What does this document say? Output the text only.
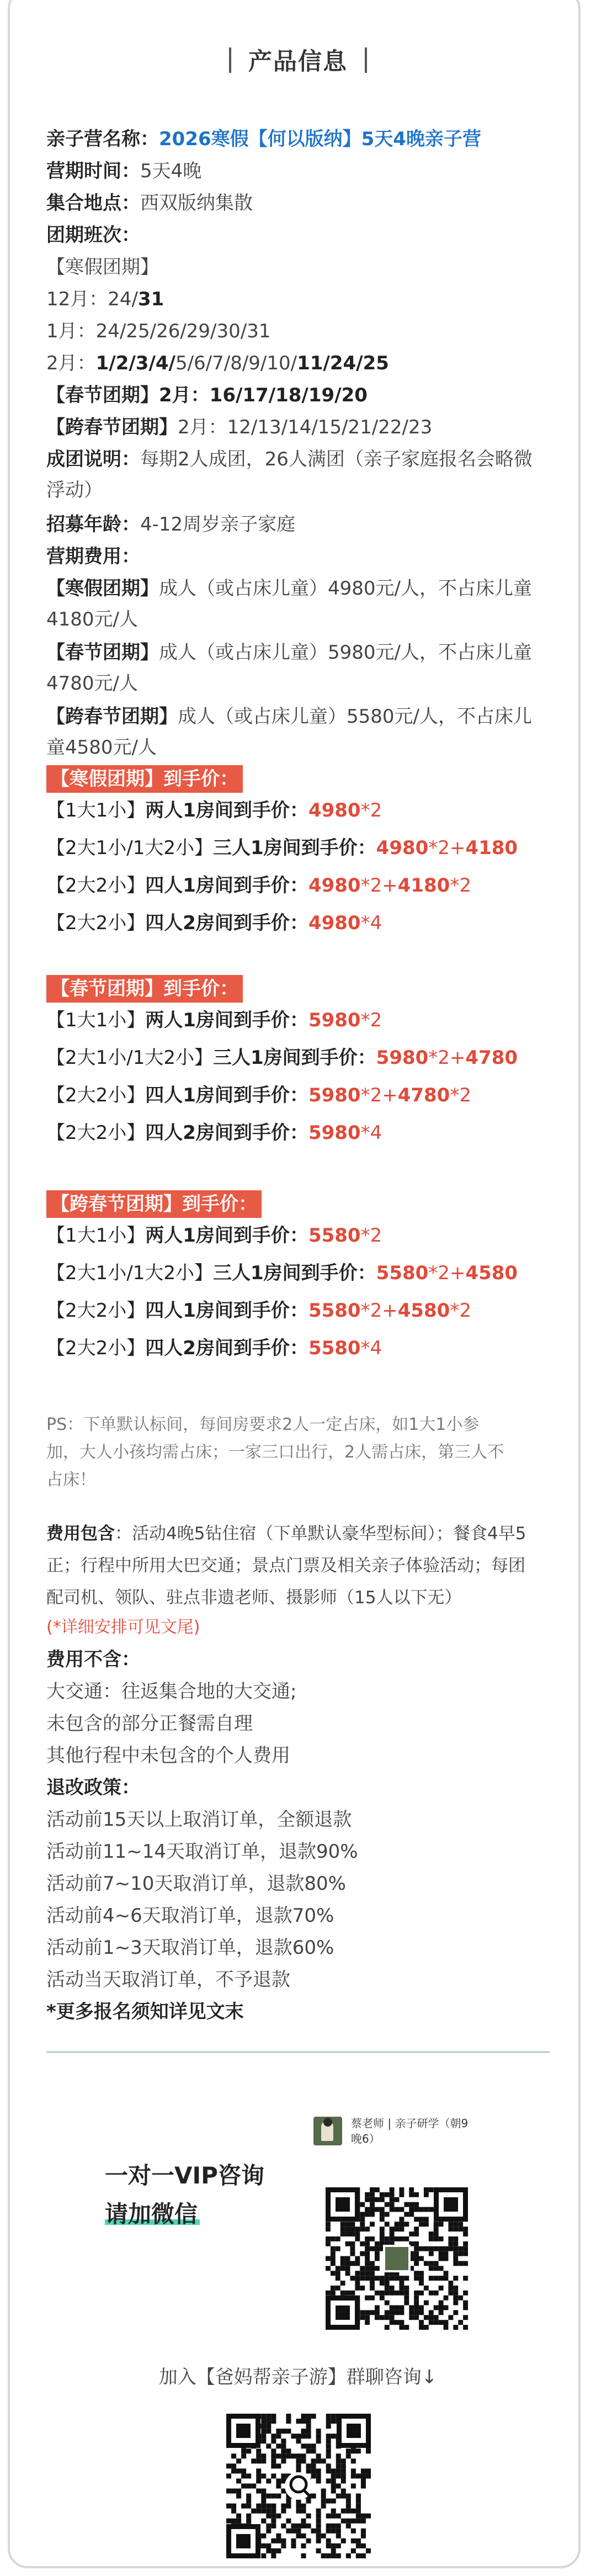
产品信息
亲子营名称：2026寒假【何以版纳】5天4晚亲子营
营期时间：5天4晚
集合地点：西双版纳集散
团期班次：
【寒假团期】
12月：24/31
1月：24/25/26/29/30/31
2月：1/2/3/4/5/6/7/8/9/10/11/24/25
【春节团期】2月：16/17/18/19/20
【跨春节团期】2月：12/13/14/15/21/22/23
成团说明：每期2人成团，26人满团（亲子家庭报名会略微
浮动）
招募年龄：4-12周岁亲子家庭
营期费用：
【寒假团期】成人（或占床儿童）4980元/人，不占床儿童
4180元/人
【春节团期】成人（或占床儿童）5980元/人，不占床儿童
4780元/人
【跨春节团期】成人（或占床儿童）5580元/人，不占床儿
童4580元/人
【寒假团期】到手价：
【1大1小】两人1房间到手价：4980*2
【2大1小/1大2小】三人1房间到手价：4980*2+4180
【2大2小】四人1房间到手价：4980*2+4180*2
【2大2小】四人2房间到手价：4980*4
【春节团期】到手价：
【1大1小】两人1房间到手价：5980*2
【2大1小/1大2小】三人1房间到手价：5980*2+4780
【2大2小】四人1房间到手价：5980*2+4780*2
【2大2小】四人2房间到手价：5980*4
【跨春节团期】到手价：
【1大1小】两人1房间到手价：5580*2
【2大1小/1大2小】三人1房间到手价：5580*2+4580
【2大2小】四人1房间到手价：5580*2+4580*2
【2大2小】四人2房间到手价：5580*4
PS：下单默认标间，每间房要求2人一定占床，如1大1小参
加，大人小孩均需占床；一家三口出行，2人需占床，第三人不
占床！
费用包含：活动4晚5钻住宿（下单默认豪华型标间）；餐食4早5
正；行程中所用大巴交通；景点门票及相关亲子体验活动；每团
配司机、领队、驻点非遗老师、摄影师（15人以下无）
(*详细安排可见文尾)
费用不含：
大交通：往返集合地的大交通;
未包含的部分正餐需自理
其他行程中未包含的个人费用
退改政策：
活动前15天以上取消订单，全额退款
活动前11~14天取消订单，退款90%
活动前7~10天取消订单，退款80%
活动前4~6天取消订单，退款70%
活动前1~3天取消订单，退款60%
活动当天取消订单，不予退款
*更多报名须知详见文末
一对一VIP咨询
请加微信
蔡老师 | 亲子研学（朝9
晚6）
加入【爸妈帮亲子游】群聊咨询↓
